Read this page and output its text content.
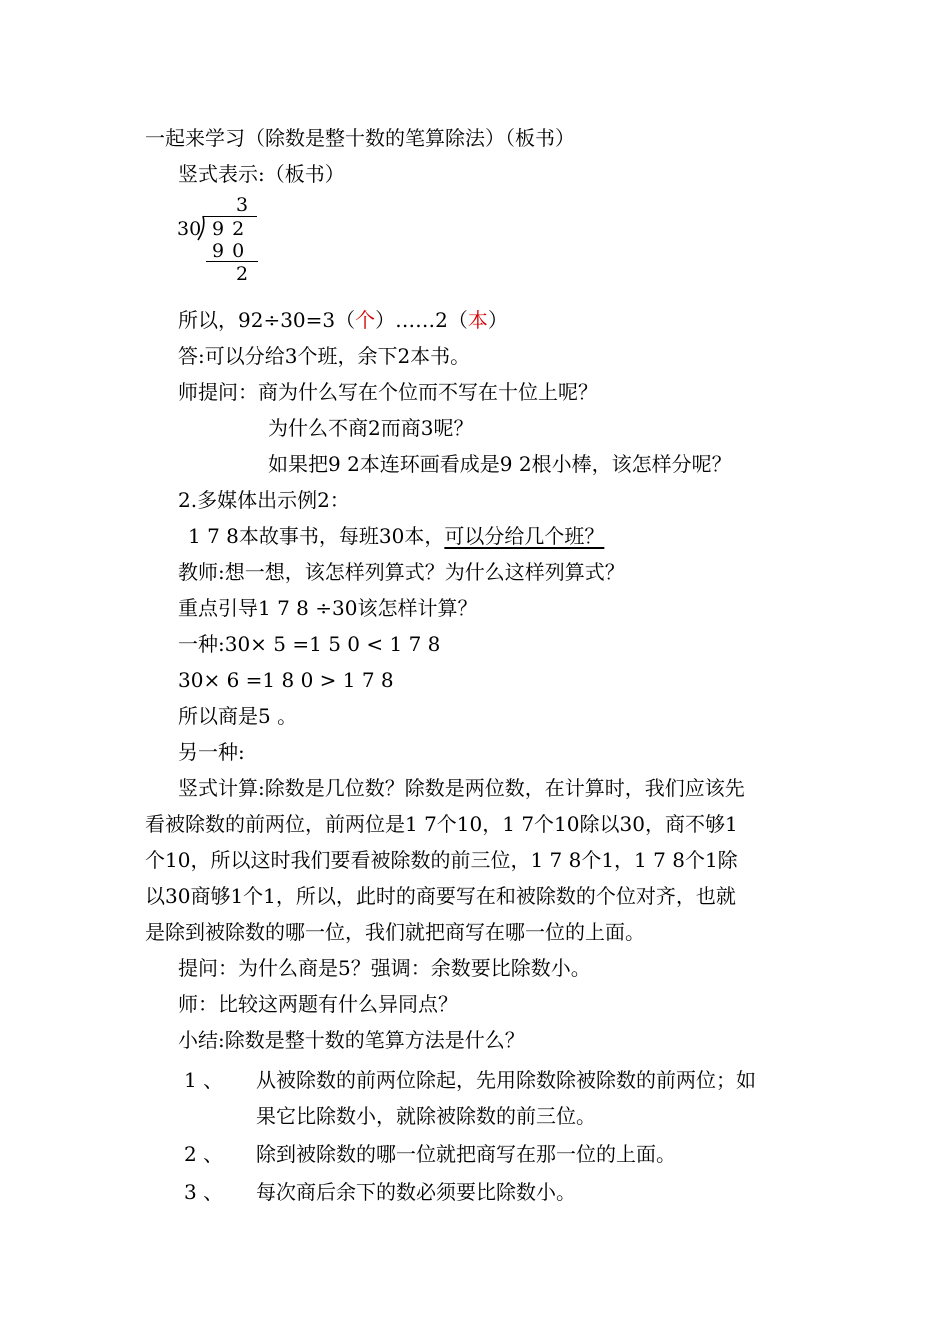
一起来学习（除数是整十数的笔算除法）（板书）
竖式表示:（板书）
3
30 9 2
9 0
2
所以，92÷30=3（个）……2（本）
答:可以分给3个班，余下2本书。
师提问：商为什么写在个位而不写在十位上呢？
为什么不商2而商3呢？
如果把9 2本连环画看成是9 2根小棒，该怎样分呢？
2.多媒体出示例2：
1 7 8本故事书，每班30本，可以分给几个班？
教师:想一想，该怎样列算式？为什么这样列算式？
重点引导1 7 8 ÷30该怎样计算？
一种:30× 5 =1 5 0 < 1 7 8
30× 6 =1 8 0 > 1 7 8
所以商是5 。
另一种:
竖式计算:除数是几位数？除数是两位数，在计算时，我们应该先
看被除数的前两位，前两位是1 7个10，1 7个10除以30，商不够1
个10，所以这时我们要看被除数的前三位，1 7 8个1，1 7 8个1除
以30商够1个1，所以，此时的商要写在和被除数的个位对齐，也就
是除到被除数的哪一位，我们就把商写在哪一位的上面。
提问：为什么商是5？强调：余数要比除数小。
师：比较这两题有什么异同点？
小结:除数是整十数的笔算方法是什么？
1 、 从被除数的前两位除起，先用除数除被除数的前两位；如
果它比除数小，就除被除数的前三位。
2 、 除到被除数的哪一位就把商写在那一位的上面。
3 、 每次商后余下的数必须要比除数小。
